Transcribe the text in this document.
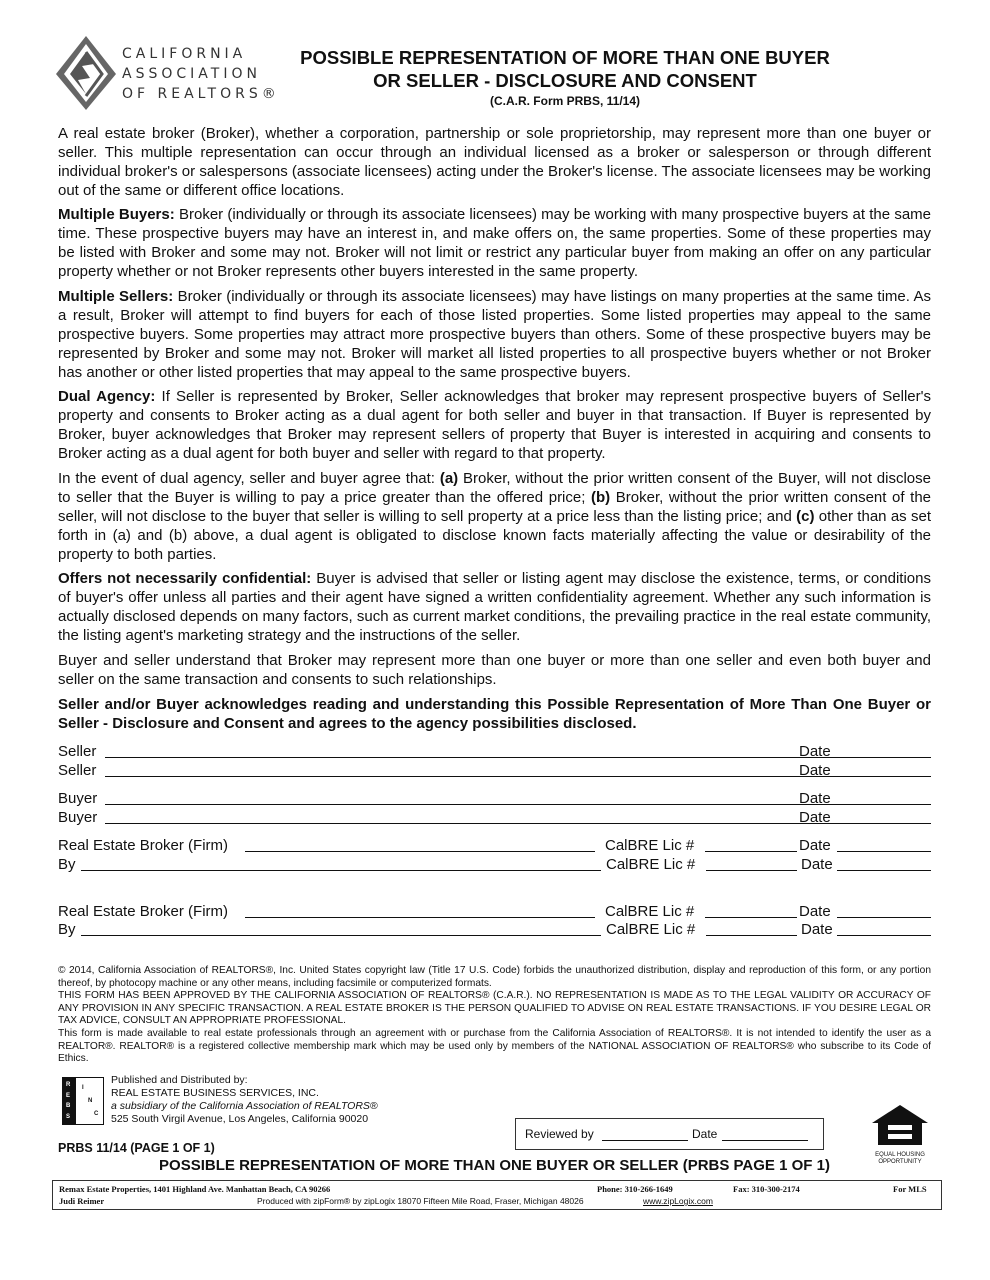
CALIFORNIA
ASSOCIATION
OF REALTORS®
POSSIBLE REPRESENTATION OF MORE THAN ONE BUYER
OR SELLER - DISCLOSURE AND CONSENT
(C.A.R. Form PRBS, 11/14)
A real estate broker (Broker), whether a corporation, partnership or sole proprietorship, may represent more than one buyer or seller. This multiple representation can occur through an individual licensed as a broker or salesperson or through different individual broker's or salespersons (associate licensees) acting under the Broker's license. The associate licensees may be working out of the same or different office locations.
Multiple Buyers: Broker (individually or through its associate licensees) may be working with many prospective buyers at the same time. These prospective buyers may have an interest in, and make offers on, the same properties. Some of these properties may be listed with Broker and some may not. Broker will not limit or restrict any particular buyer from making an offer on any particular property whether or not Broker represents other buyers interested in the same property.
Multiple Sellers: Broker (individually or through its associate licensees) may have listings on many properties at the same time. As a result, Broker will attempt to find buyers for each of those listed properties. Some listed properties may appeal to the same prospective buyers. Some properties may attract more prospective buyers than others. Some of these prospective buyers may be represented by Broker and some may not. Broker will market all listed properties to all prospective buyers whether or not Broker has another or other listed properties that may appeal to the same prospective buyers.
Dual Agency: If Seller is represented by Broker, Seller acknowledges that broker may represent prospective buyers of Seller's property and consents to Broker acting as a dual agent for both seller and buyer in that transaction. If Buyer is represented by Broker, buyer acknowledges that Broker may represent sellers of property that Buyer is interested in acquiring and consents to Broker acting as a dual agent for both buyer and seller with regard to that property.
In the event of dual agency, seller and buyer agree that: (a) Broker, without the prior written consent of the Buyer, will not disclose to seller that the Buyer is willing to pay a price greater than the offered price; (b) Broker, without the prior written consent of the seller, will not disclose to the buyer that seller is willing to sell property at a price less than the listing price; and (c) other than as set forth in (a) and (b) above, a dual agent is obligated to disclose known facts materially affecting the value or desirability of the property to both parties.
Offers not necessarily confidential: Buyer is advised that seller or listing agent may disclose the existence, terms, or conditions of buyer's offer unless all parties and their agent have signed a written confidentiality agreement. Whether any such information is actually disclosed depends on many factors, such as current market conditions, the prevailing practice in the real estate community, the listing agent's marketing strategy and the instructions of the seller.
Buyer and seller understand that Broker may represent more than one buyer or more than one seller and even both buyer and seller on the same transaction and consents to such relationships.
Seller and/or Buyer acknowledges reading and understanding this Possible Representation of More Than One Buyer or Seller - Disclosure and Consent and agrees to the agency possibilities disclosed.
Seller	Date
Seller	Date
Buyer	Date
Buyer	Date
Real Estate Broker (Firm)	CalBRE Lic #	Date
By	CalBRE Lic #	Date
Real Estate Broker (Firm)	CalBRE Lic #	Date
By	CalBRE Lic #	Date
© 2014, California Association of REALTORS®, Inc. United States copyright law (Title 17 U.S. Code) forbids the unauthorized distribution, display and reproduction of this form, or any portion thereof, by photocopy machine or any other means, including facsimile or computerized formats.
THIS FORM HAS BEEN APPROVED BY THE CALIFORNIA ASSOCIATION OF REALTORS® (C.A.R.). NO REPRESENTATION IS MADE AS TO THE LEGAL VALIDITY OR ACCURACY OF ANY PROVISION IN ANY SPECIFIC TRANSACTION. A REAL ESTATE BROKER IS THE PERSON QUALIFIED TO ADVISE ON REAL ESTATE TRANSACTIONS. IF YOU DESIRE LEGAL OR TAX ADVICE, CONSULT AN APPROPRIATE PROFESSIONAL.
This form is made available to real estate professionals through an agreement with or purchase from the California Association of REALTORS®. It is not intended to identify the user as a REALTOR®. REALTOR® is a registered collective membership mark which may be used only by members of the NATIONAL ASSOCIATION OF REALTORS® who subscribe to its Code of Ethics.
R
E
B
S
I
N
C
Published and Distributed by:
REAL ESTATE BUSINESS SERVICES, INC.
a subsidiary of the California Association of REALTORS®
525 South Virgil Avenue, Los Angeles, California 90020
Reviewed by	Date
EQUAL HOUSING OPPORTUNITY
PRBS 11/14 (PAGE 1 OF 1)
POSSIBLE REPRESENTATION OF MORE THAN ONE BUYER OR SELLER (PRBS PAGE 1 OF 1)
Remax Estate Properties, 1401 Highland Ave. Manhattan Beach, CA 90266	Phone: 310-266-1649	Fax: 310-300-2174	For MLS
Judi Reimer	Produced with zipForm® by zipLogix 18070 Fifteen Mile Road, Fraser, Michigan 48026	www.zipLogix.com
